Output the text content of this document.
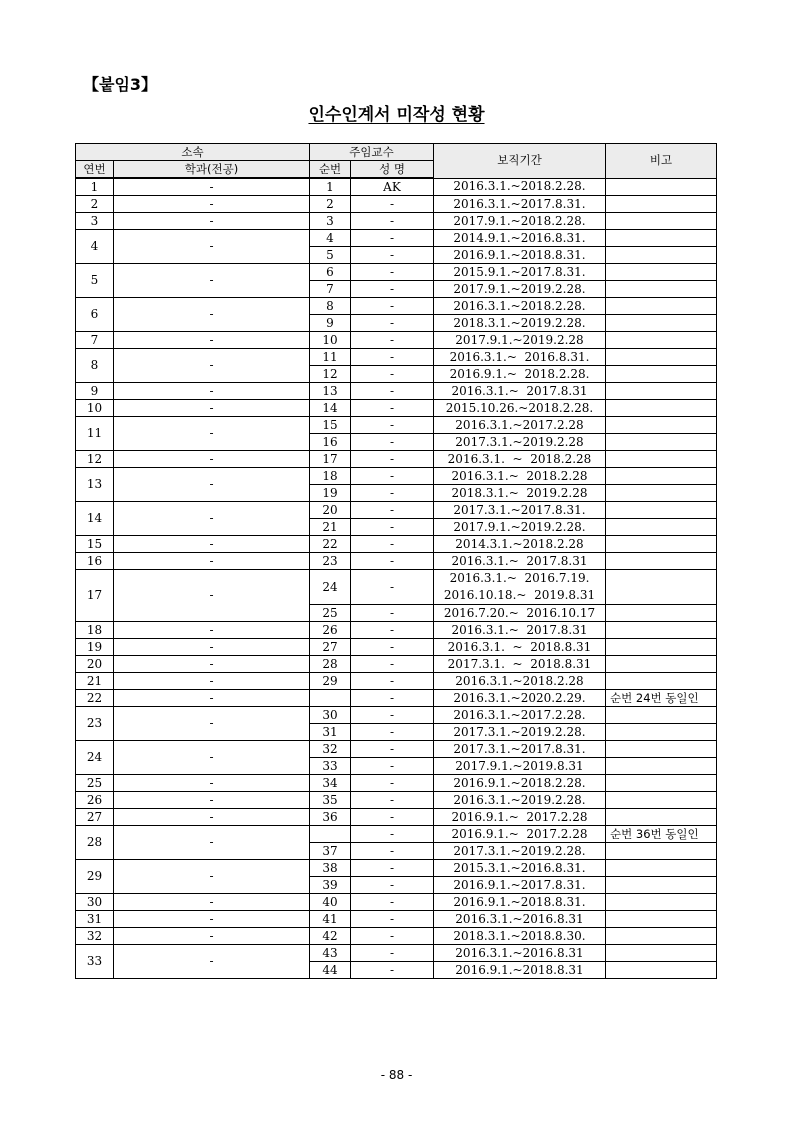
【붙임3】
인수인계서 미작성 현황
소속		주임교수		보직기간	비고
연번	학과(전공)	순번	성 명		
1	-	1	AK	2016.3.1.~2018.2.28.	

2	-	2	-	2016.3.1.~2017.8.31.	

3	-	3	-	2017.9.1.~2018.2.28.	

4	-	4	-	2014.9.1.~2016.8.31.	

		5	-	2016.9.1.~2018.8.31.	

5	-	6	-	2015.9.1.~2017.8.31.	

		7	-	2017.9.1.~2019.2.28.	

6	-	8	-	2016.3.1.~2018.2.28.	

		9	-	2018.3.1.~2019.2.28.	

7	-	10	-	2017.9.1.~2019.2.28	

8	-	11	-	2016.3.1.~  2016.8.31.	

		12	-	2016.9.1.~  2018.2.28.	

9	-	13	-	2016.3.1.~  2017.8.31	

10	-	14	-	2015.10.26.~2018.2.28.	

11	-	15	-	2016.3.1.~2017.2.28	

		16	-	2017.3.1.~2019.2.28	

12	-	17	-	2016.3.1.  ~  2018.2.28	

13	-	18	-	2016.3.1.~  2018.2.28	

		19	-	2018.3.1.~  2019.2.28	

14	-	20	-	2017.3.1.~2017.8.31.	

		21	-	2017.9.1.~2019.2.28.	

15	-	22	-	2014.3.1.~2018.2.28	

16	-	23	-	2016.3.1.~  2017.8.31	

17	-	24	-	2016.3.1.~  2016.7.19.
2016.10.18.~  2019.8.31	

		25	-	2016.7.20.~  2016.10.17	

18	-	26	-	2016.3.1.~  2017.8.31	

19	-	27	-	2016.3.1.  ~  2018.8.31	

20	-	28	-	2017.3.1.  ~  2018.8.31	

21	-	29	-	2016.3.1.~2018.2.28	

22	-		-	2016.3.1.~2020.2.29.	순번 24번 동일인
23	-	30	-	2016.3.1.~2017.2.28.	

		31	-	2017.3.1.~2019.2.28.	

24	-	32	-	2017.3.1.~2017.8.31.	

		33	-	2017.9.1.~2019.8.31	

25	-	34	-	2016.9.1.~2018.2.28.	

26	-	35	-	2016.3.1.~2019.2.28.	

27	-	36	-	2016.9.1.~  2017.2.28	

28	-		-	2016.9.1.~  2017.2.28	순번 36번 동일인
		37	-	2017.3.1.~2019.2.28.	

29	-	38	-	2015.3.1.~2016.8.31.	

		39	-	2016.9.1.~2017.8.31.	

30	-	40	-	2016.9.1.~2018.8.31.	

31	-	41	-	2016.3.1.~2016.8.31	

32	-	42	-	2018.3.1.~2018.8.30.	

33	-	43	-	2016.3.1.~2016.8.31	

		44	-	2016.9.1.~2018.8.31	

- 88 -
